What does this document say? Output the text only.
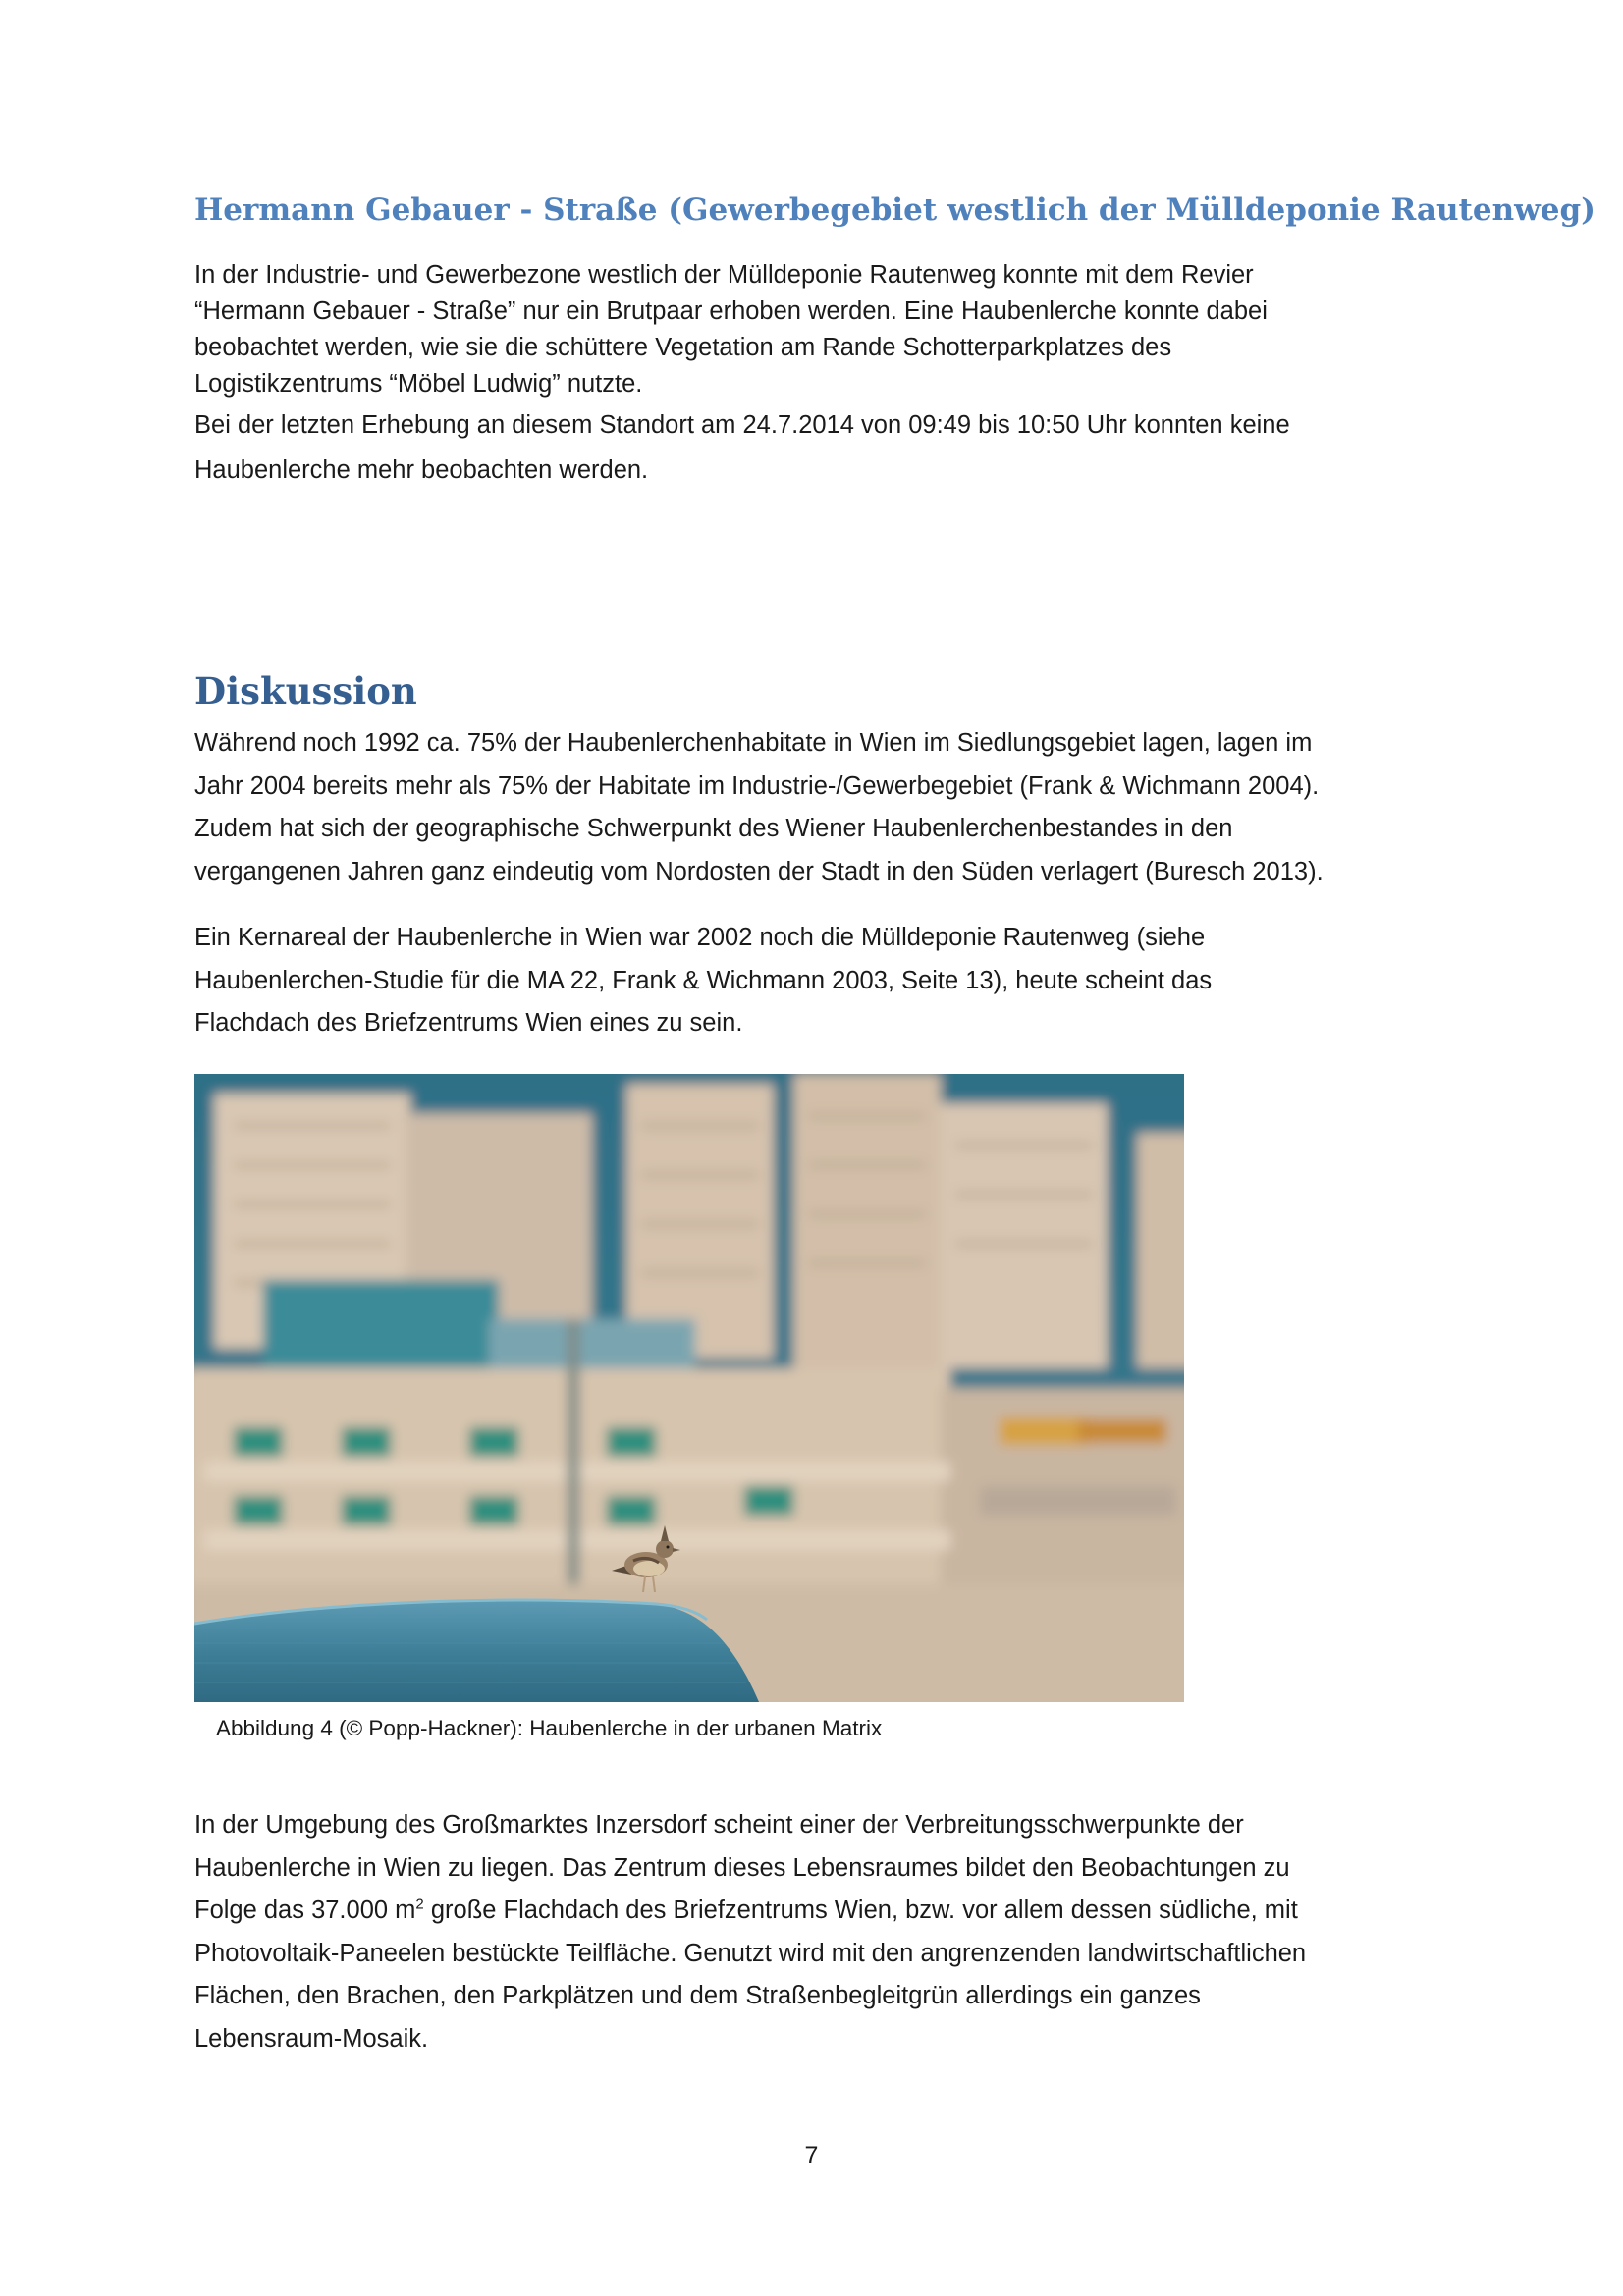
Hermann Gebauer - Straße (Gewerbegebiet westlich der Mülldeponie Rautenweg)

In der Industrie- und Gewerbezone westlich der Mülldeponie Rautenweg konnte mit dem Revier
“Hermann Gebauer - Straße” nur ein Brutpaar erhoben werden. Eine Haubenlerche konnte dabei
beobachtet werden, wie sie die schüttere Vegetation am Rande Schotterparkplatzes des
Logistikzentrums “Möbel Ludwig” nutzte.

Bei der letzten Erhebung an diesem Standort am 24.7.2014 von 09:49 bis 10:50 Uhr konnten keine
Haubenlerche mehr beobachten werden.

Diskussion

Während noch 1992 ca. 75% der Haubenlerchenhabitate in Wien im Siedlungsgebiet lagen, lagen im
Jahr 2004 bereits mehr als 75% der Habitate im Industrie-/Gewerbegebiet (Frank & Wichmann 2004).
Zudem hat sich der geographische Schwerpunkt des Wiener Haubenlerchenbestandes in den
vergangenen Jahren ganz eindeutig vom Nordosten der Stadt in den Süden verlagert (Buresch 2013).

Ein Kernareal der Haubenlerche in Wien war 2002 noch die Mülldeponie Rautenweg (siehe
Haubenlerchen-Studie für die MA 22, Frank & Wichmann 2003, Seite 13), heute scheint das
Flachdach des Briefzentrums Wien eines zu sein.

Abbildung 4 (© Popp-Hackner): Haubenlerche in der urbanen Matrix

In der Umgebung des Großmarktes Inzersdorf scheint einer der Verbreitungsschwerpunkte der
Haubenlerche in Wien zu liegen. Das Zentrum dieses Lebensraumes bildet den Beobachtungen zu
Folge das 37.000 $m^2$ große Flachdach des Briefzentrums Wien, bzw. vor allem dessen südliche, mit
Photovoltaik-Paneelen bestückte Teilfläche. Genutzt wird mit den angrenzenden landwirtschaftlichen
Flächen, den Brachen, den Parkplätzen und dem Straßenbegleitgrün allerdings ein ganzes
Lebensraum-Mosaik.

7
